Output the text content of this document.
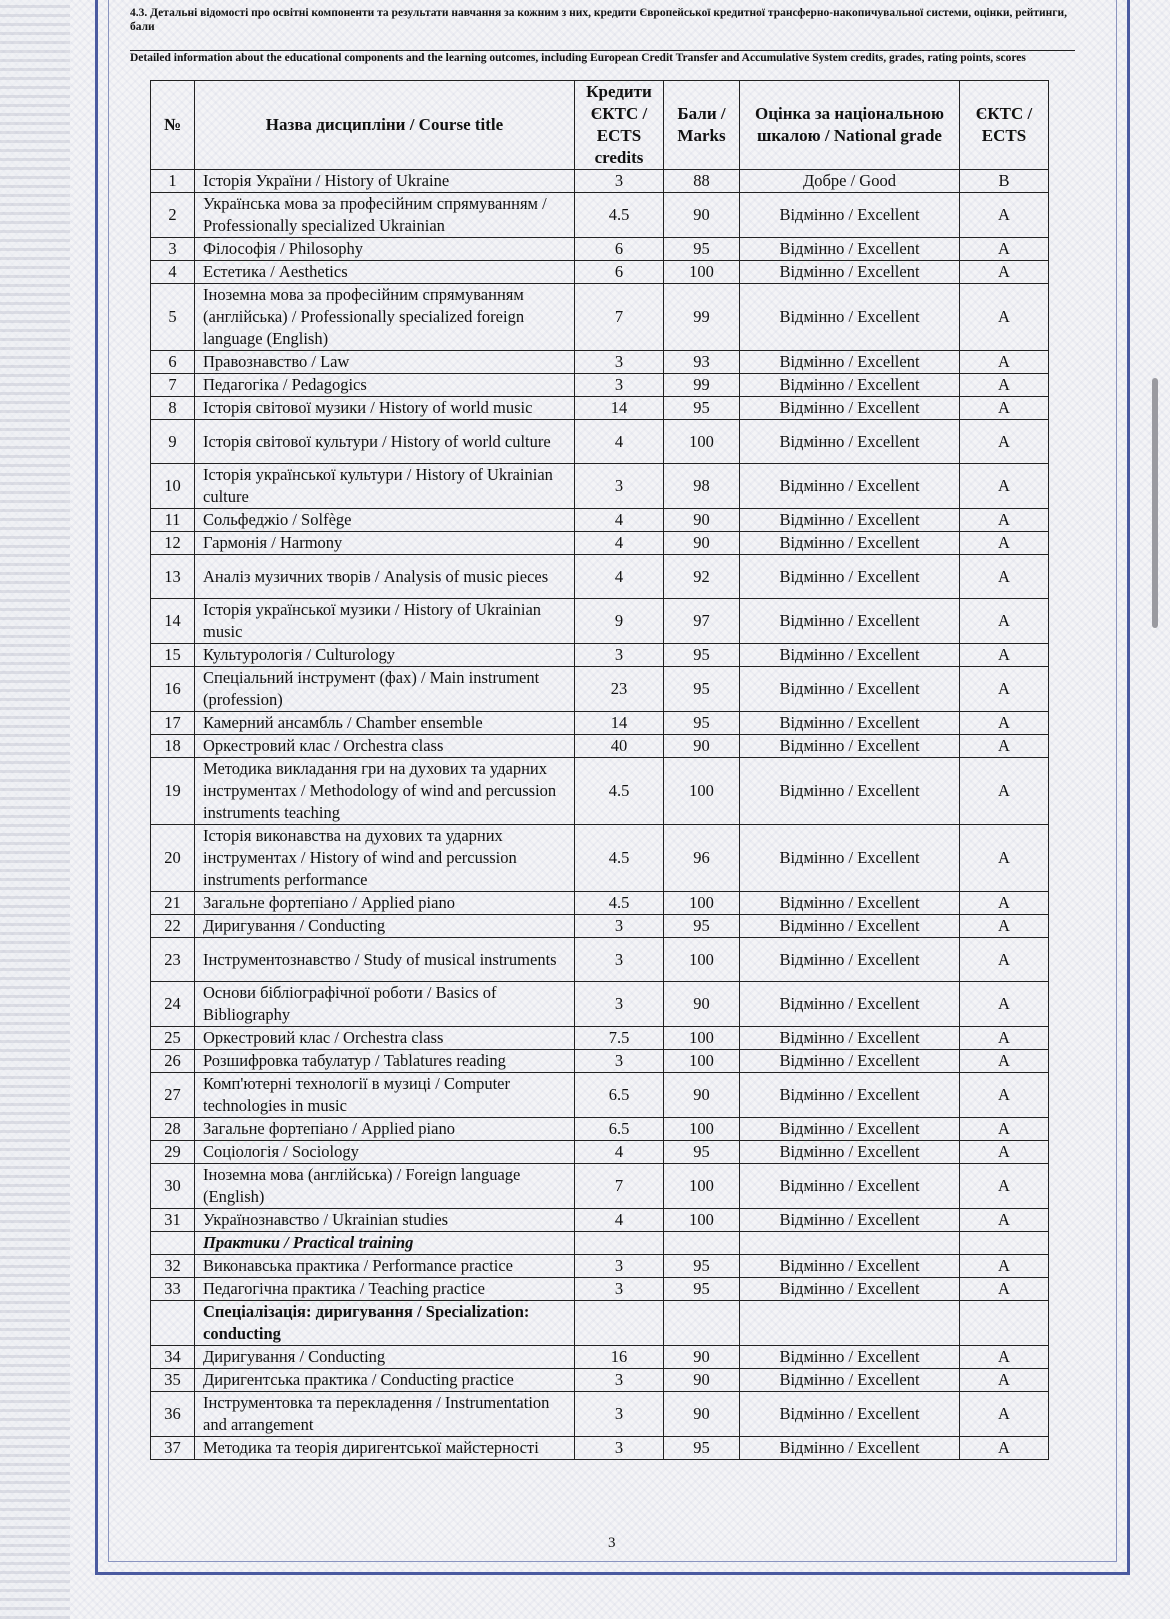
4.3. Детальні відомості про освітні компоненти та результати навчання за кожним з них, кредити Європейської кредитної трансферно-накопичувальної системи, оцінки, рейтинги, бали
Detailed information about the educational components and the learning outcomes, including European Credit Transfer and Accumulative System credits, grades, rating points, scores
№	Назва дисципліни / Course title	Кредити ЄКТС / ECTS credits	Бали / Marks	Оцінка за національною шкалою / National grade	ЄКТС / ECTS
1	Історія України / History of Ukraine	3	88	Добре / Good	B
2	Українська мова за професійним спрямуванням / Professionally specialized Ukrainian	4.5	90	Відмінно / Excellent	A
3	Філософія / Philosophy	6	95	Відмінно / Excellent	A
4	Естетика / Aesthetics	6	100	Відмінно / Excellent	A
5	Іноземна мова за професійним спрямуванням (англійська) / Professionally specialized foreign language (English)	7	99	Відмінно / Excellent	A
6	Правознавство / Law	3	93	Відмінно / Excellent	A
7	Педагогіка / Pedagogics	3	99	Відмінно / Excellent	A
8	Історія світової музики / History of world music	14	95	Відмінно / Excellent	A
9	Історія світової культури / History of world culture	4	100	Відмінно / Excellent	A
10	Історія української культури / History of Ukrainian culture	3	98	Відмінно / Excellent	A
11	Сольфеджіо / Solfège	4	90	Відмінно / Excellent	A
12	Гармонія / Harmony	4	90	Відмінно / Excellent	A
13	Аналіз музичних творів / Analysis of music pieces	4	92	Відмінно / Excellent	A
14	Історія української музики / History of Ukrainian music	9	97	Відмінно / Excellent	A
15	Культурологія / Culturology	3	95	Відмінно / Excellent	A
16	Спеціальний інструмент (фах) / Main instrument (profession)	23	95	Відмінно / Excellent	A
17	Камерний ансамбль / Chamber ensemble	14	95	Відмінно / Excellent	A
18	Оркестровий клас / Orchestra class	40	90	Відмінно / Excellent	A
19	Методика викладання гри на духових та ударних інструментах / Methodology of wind and percussion instruments teaching	4.5	100	Відмінно / Excellent	A
20	Історія виконавства на духових та ударних інструментах / History of wind and percussion instruments performance	4.5	96	Відмінно / Excellent	A
21	Загальне фортепіано / Applied piano	4.5	100	Відмінно / Excellent	A
22	Диригування / Conducting	3	95	Відмінно / Excellent	A
23	Інструментознавство / Study of musical instruments	3	100	Відмінно / Excellent	A
24	Основи бібліографічної роботи / Basics of Bibliography	3	90	Відмінно / Excellent	A
25	Оркестровий клас / Orchestra class	7.5	100	Відмінно / Excellent	A
26	Розшифровка табулатур / Tablatures reading	3	100	Відмінно / Excellent	A
27	Комп'ютерні технології в музиці / Computer technologies in music	6.5	90	Відмінно / Excellent	A
28	Загальне фортепіано / Applied piano	6.5	100	Відмінно / Excellent	A
29	Соціологія / Sociology	4	95	Відмінно / Excellent	A
30	Іноземна мова (англійська) / Foreign language (English)	7	100	Відмінно / Excellent	A
31	Українознавство / Ukrainian studies	4	100	Відмінно / Excellent	A
	Практики / Practical training				
32	Виконавська практика / Performance practice	3	95	Відмінно / Excellent	A
33	Педагогічна практика / Teaching practice	3	95	Відмінно / Excellent	A
	Спеціалізація: диригування / Specialization: conducting				
34	Диригування / Conducting	16	90	Відмінно / Excellent	A
35	Диригентська практика / Conducting practice	3	90	Відмінно / Excellent	A
36	Інструментовка та перекладення / Instrumentation and arrangement	3	90	Відмінно / Excellent	A
37	Методика та теорія диригентської майстерності	3	95	Відмінно / Excellent	A
3
